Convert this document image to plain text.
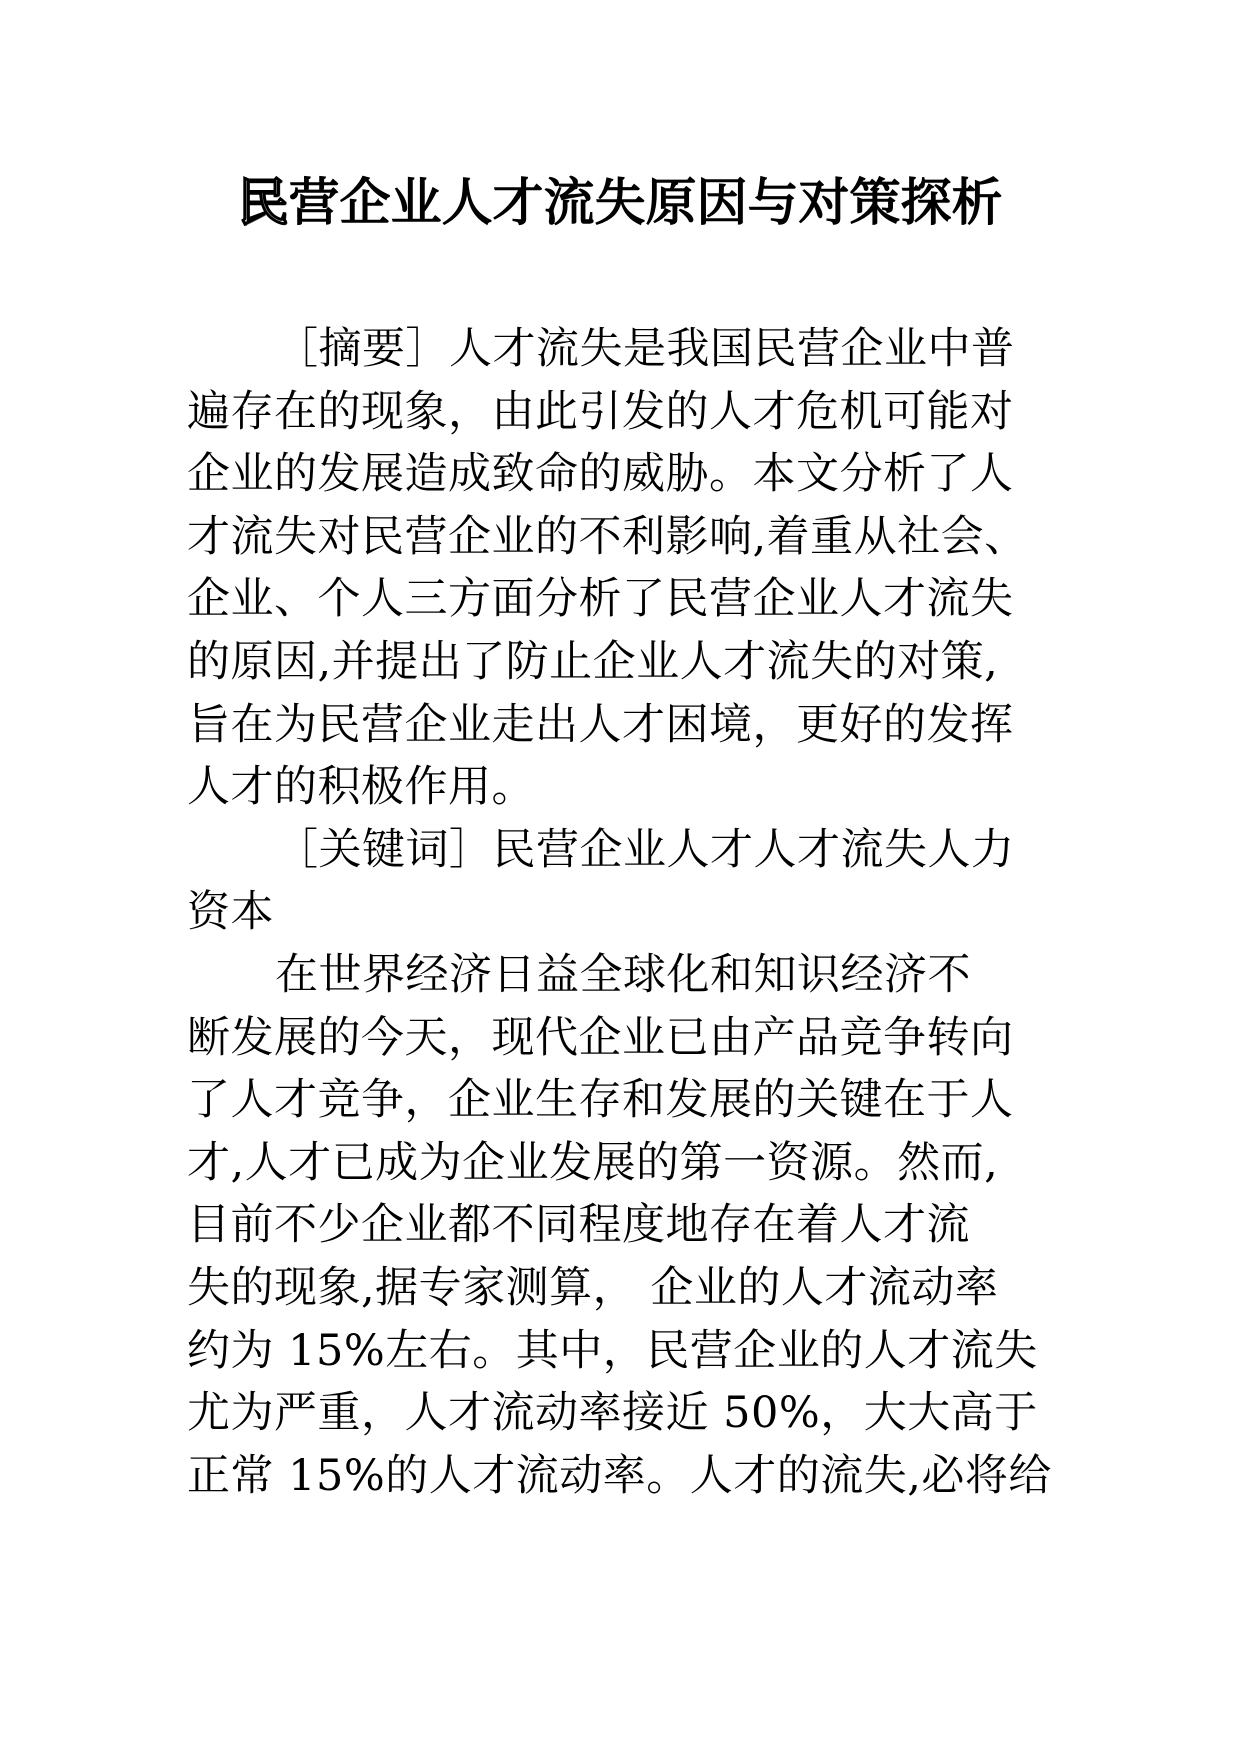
民营企业人才流失原因与对策探析
［摘要］人才流失是我国民营企业中普
遍存在的现象，由此引发的人才危机可能对
企业的发展造成致命的威胁。本文分析了人
才流失对民营企业的不利影响,着重从社会、
企业、个人三方面分析了民营企业人才流失
的原因,并提出了防止企业人才流失的对策,
旨在为民营企业走出人才困境，更好的发挥
人才的积极作用。
［关键词］民营企业人才人才流失人力
资本
在世界经济日益全球化和知识经济不
断发展的今天，现代企业已由产品竞争转向
了人才竞争，企业生存和发展的关键在于人
才,人才已成为企业发展的第一资源。然而,
目前不少企业都不同程度地存在着人才流
失的现象,据专家测算， 企业的人才流动率
约为 15%左右。其中，民营企业的人才流失
尤为严重，人才流动率接近 50%，大大高于
正常 15%的人才流动率。人才的流失,必将给
